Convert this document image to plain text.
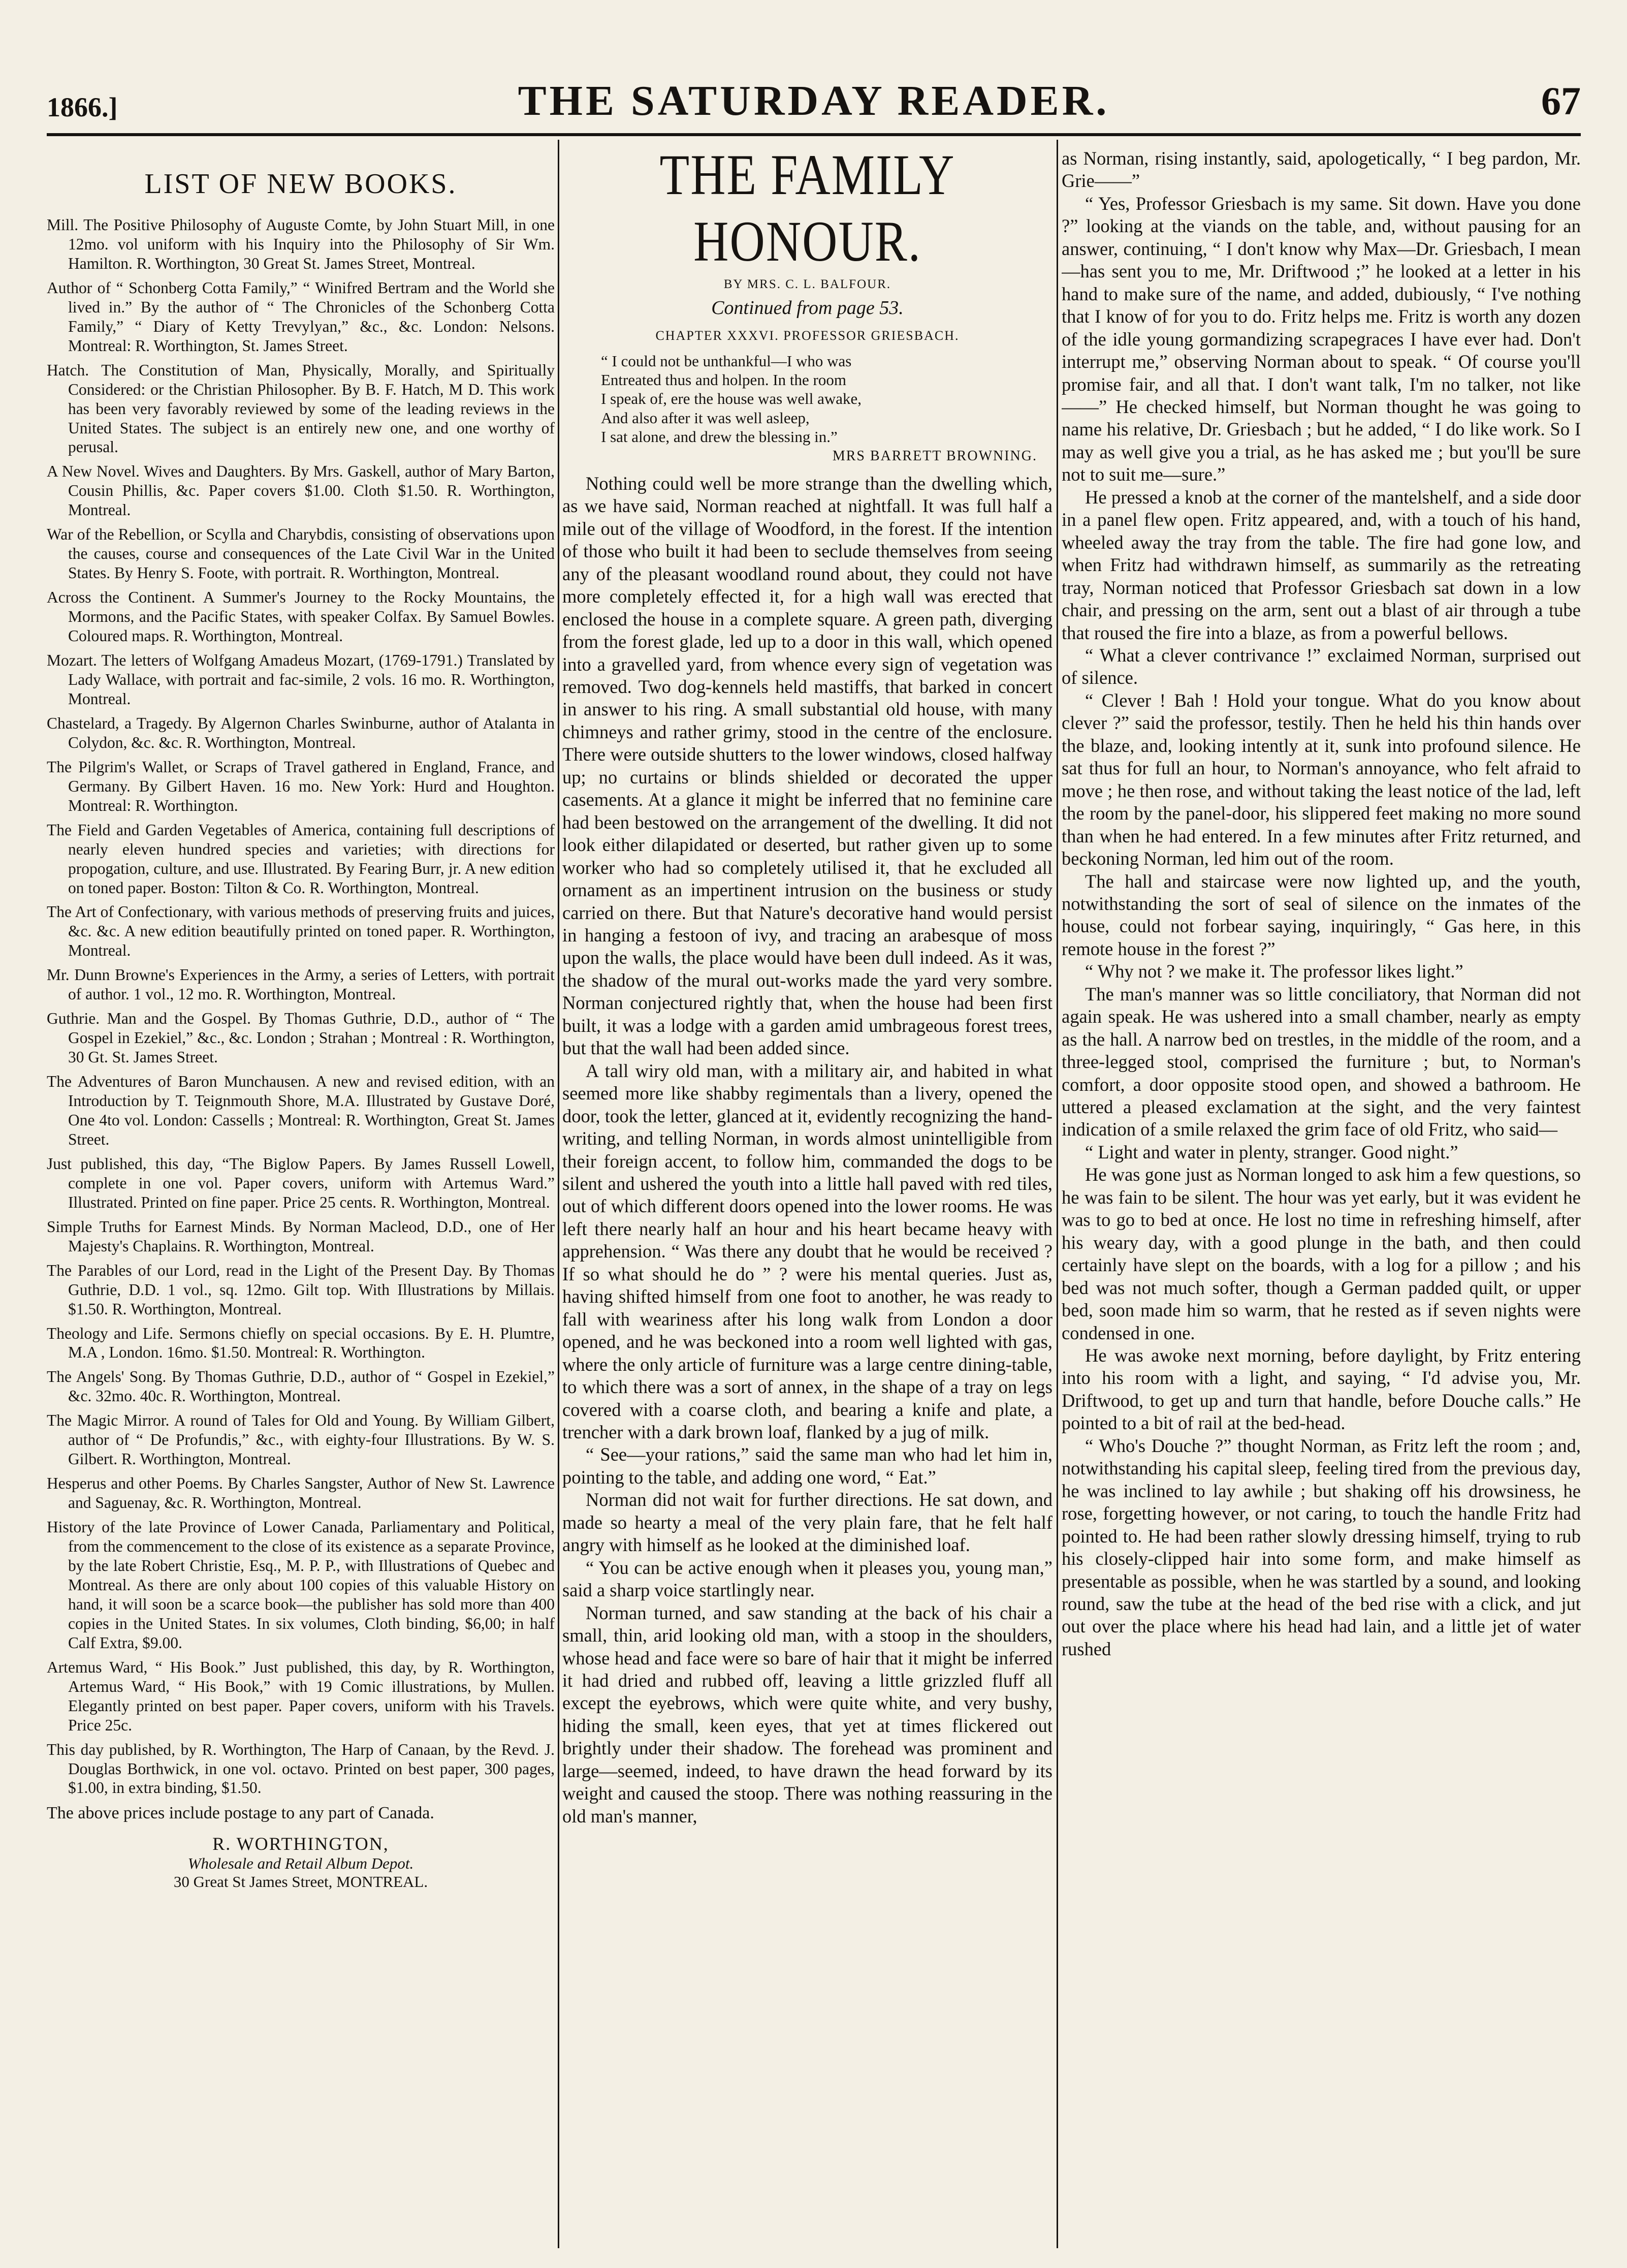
1866.]	THE SATURDAY READER.	67
LIST OF NEW BOOKS.

Mill. The Positive Philosophy of Auguste Comte, by John Stuart Mill, in one 12mo. vol uniform with his Inquiry into the Philosophy of Sir Wm. Hamilton. R. Worthington, 30 Great St. James Street, Montreal.

Author of “ Schonberg Cotta Family,” “ Winifred Bertram and the World she lived in.” By the author of “ The Chronicles of the Schonberg Cotta Family,” “ Diary of Ketty Trevylyan,” &c., &c. London: Nelsons. Montreal: R. Worthington, St. James Street.

Hatch. The Constitution of Man, Physically, Morally, and Spiritually Considered: or the Christian Philosopher. By B. F. Hatch, M D. This work has been very favorably reviewed by some of the leading reviews in the United States. The subject is an entirely new one, and one worthy of perusal.

A New Novel. Wives and Daughters. By Mrs. Gaskell, author of Mary Barton, Cousin Phillis, &c. Paper covers $1.00. Cloth $1.50. R. Worthington, Montreal.

War of the Rebellion, or Scylla and Charybdis, consisting of observations upon the causes, course and consequences of the Late Civil War in the United States. By Henry S. Foote, with portrait. R. Worthington, Montreal.

Across the Continent. A Summer's Journey to the Rocky Mountains, the Mormons, and the Pacific States, with speaker Colfax. By Samuel Bowles. Coloured maps. R. Worthington, Montreal.

Mozart. The letters of Wolfgang Amadeus Mozart, (1769-1791.) Translated by Lady Wallace, with portrait and fac-simile, 2 vols. 16 mo. R. Worthington, Montreal.

Chastelard, a Tragedy. By Algernon Charles Swinburne, author of Atalanta in Colydon, &c. &c. R. Worthington, Montreal.

The Pilgrim's Wallet, or Scraps of Travel gathered in England, France, and Germany. By Gilbert Haven. 16 mo. New York: Hurd and Houghton. Montreal: R. Worthington.

The Field and Garden Vegetables of America, containing full descriptions of nearly eleven hundred species and varieties; with directions for propogation, culture, and use. Illustrated. By Fearing Burr, jr. A new edition on toned paper. Boston: Tilton & Co. R. Worthington, Montreal.

The Art of Confectionary, with various methods of preserving fruits and juices, &c. &c. A new edition beautifully printed on toned paper. R. Worthington, Montreal.

Mr. Dunn Browne's Experiences in the Army, a series of Letters, with portrait of author. 1 vol., 12 mo. R. Worthington, Montreal.

Guthrie. Man and the Gospel. By Thomas Guthrie, D.D., author of “ The Gospel in Ezekiel,” &c., &c. London ; Strahan ; Montreal : R. Worthington, 30 Gt. St. James Street.

The Adventures of Baron Munchausen. A new and revised edition, with an Introduction by T. Teignmouth Shore, M.A. Illustrated by Gustave Doré, One 4to vol. London: Cassells ; Montreal: R. Worthington, Great St. James Street.

Just published, this day, “The Biglow Papers. By James Russell Lowell, complete in one vol. Paper covers, uniform with Artemus Ward.” Illustrated. Printed on fine paper. Price 25 cents. R. Worthington, Montreal.

Simple Truths for Earnest Minds. By Norman Macleod, D.D., one of Her Majesty's Chaplains. R. Worthington, Montreal.

The Parables of our Lord, read in the Light of the Present Day. By Thomas Guthrie, D.D. 1 vol., sq. 12mo. Gilt top. With Illustrations by Millais. $1.50. R. Worthington, Montreal.

Theology and Life. Sermons chiefly on special occasions. By E. H. Plumtre, M.A , London. 16mo. $1.50. Montreal: R. Worthington.

The Angels' Song. By Thomas Guthrie, D.D., author of “ Gospel in Ezekiel,” &c. 32mo. 40c. R. Worthington, Montreal.

The Magic Mirror. A round of Tales for Old and Young. By William Gilbert, author of “ De Profundis,” &c., with eighty-four Illustrations. By W. S. Gilbert. R. Worthington, Montreal.

Hesperus and other Poems. By Charles Sangster, Author of New St. Lawrence and Saguenay, &c. R. Worthington, Montreal.

History of the late Province of Lower Canada, Parliamentary and Political, from the commencement to the close of its existence as a separate Province, by the late Robert Christie, Esq., M. P. P., with Illustrations of Quebec and Montreal. As there are only about 100 copies of this valuable History on hand, it will soon be a scarce book—the publisher has sold more than 400 copies in the United States. In six volumes, Cloth binding, $6,00; in half Calf Extra, $9.00.

Artemus Ward, “ His Book.” Just published, this day, by R. Worthington, Artemus Ward, “ His Book,” with 19 Comic illustrations, by Mullen. Elegantly printed on best paper. Paper covers, uniform with his Travels. Price 25c.

This day published, by R. Worthington, The Harp of Canaan, by the Revd. J. Douglas Borthwick, in one vol. octavo. Printed on best paper, 300 pages, $1.00, in extra binding, $1.50.

The above prices include postage to any part of Canada.

R. WORTHINGTON,

Wholesale and Retail Album Depot.

30 Great St James Street, MONTREAL.

THE FAMILY HONOUR.
BY MRS. C. L. BALFOUR.
Continued from page 53.
CHAPTER XXXVI. PROFESSOR GRIESBACH.

“ I could not be unthankful—I who was

Entreated thus and holpen. In the room

I speak of, ere the house was well awake,

And also after it was well asleep,

I sat alone, and drew the blessing in.”

MRS BARRETT BROWNING.

Nothing could well be more strange than the dwelling which, as we have said, Norman reached at nightfall. It was full half a mile out of the village of Woodford, in the forest. If the intention of those who built it had been to seclude themselves from seeing any of the pleasant woodland round about, they could not have more completely effected it, for a high wall was erected that enclosed the house in a complete square. A green path, diverging from the forest glade, led up to a door in this wall, which opened into a gravelled yard, from whence every sign of vegetation was removed. Two dog-kennels held mastiffs, that barked in concert in answer to his ring. A small substantial old house, with many chimneys and rather grimy, stood in the centre of the enclosure. There were outside shutters to the lower windows, closed halfway up; no curtains or blinds shielded or decorated the upper casements. At a glance it might be inferred that no feminine care had been bestowed on the arrangement of the dwelling. It did not look either dilapidated or deserted, but rather given up to some worker who had so completely utilised it, that he excluded all ornament as an impertinent intrusion on the business or study carried on there. But that Nature's decorative hand would persist in hanging a festoon of ivy, and tracing an arabesque of moss upon the walls, the place would have been dull indeed. As it was, the shadow of the mural out-works made the yard very sombre. Norman conjectured rightly that, when the house had been first built, it was a lodge with a garden amid umbrageous forest trees, but that the wall had been added since.

A tall wiry old man, with a military air, and habited in what seemed more like shabby regimentals than a livery, opened the door, took the letter, glanced at it, evidently recognizing the hand-writing, and telling Norman, in words almost unintelligible from their foreign accent, to follow him, commanded the dogs to be silent and ushered the youth into a little hall paved with red tiles, out of which different doors opened into the lower rooms. He was left there nearly half an hour and his heart became heavy with apprehension. “ Was there any doubt that he would be received ? If so what should he do ” ? were his mental queries. Just as, having shifted himself from one foot to another, he was ready to fall with weariness after his long walk from London a door opened, and he was beckoned into a room well lighted with gas, where the only article of furniture was a large centre dining-table, to which there was a sort of annex, in the shape of a tray on legs covered with a coarse cloth, and bearing a knife and plate, a trencher with a dark brown loaf, flanked by a jug of milk.

“ See—your rations,” said the same man who had let him in, pointing to the table, and adding one word, “ Eat.”

Norman did not wait for further directions. He sat down, and made so hearty a meal of the very plain fare, that he felt half angry with himself as he looked at the diminished loaf.

“ You can be active enough when it pleases you, young man,” said a sharp voice startlingly near.

Norman turned, and saw standing at the back of his chair a small, thin, arid looking old man, with a stoop in the shoulders, whose head and face were so bare of hair that it might be inferred it had dried and rubbed off, leaving a little grizzled fluff all except the eyebrows, which were quite white, and very bushy, hiding the small, keen eyes, that yet at times flickered out brightly under their shadow. The forehead was prominent and large—seemed, indeed, to have drawn the head forward by its weight and caused the stoop. There was nothing reassuring in the old man's manner,

as Norman, rising instantly, said, apologetically, “ I beg pardon, Mr. Grie——”

“ Yes, Professor Griesbach is my same. Sit down. Have you done ?” looking at the viands on the table, and, without pausing for an answer, continuing, “ I don't know why Max—Dr. Griesbach, I mean—has sent you to me, Mr. Driftwood ;” he looked at a letter in his hand to make sure of the name, and added, dubiously, “ I've nothing that I know of for you to do. Fritz helps me. Fritz is worth any dozen of the idle young gormandizing scrapegraces I have ever had. Don't interrupt me,” observing Norman about to speak. “ Of course you'll promise fair, and all that. I don't want talk, I'm no talker, not like ——” He checked himself, but Norman thought he was going to name his relative, Dr. Griesbach ; but he added, “ I do like work. So I may as well give you a trial, as he has asked me ; but you'll be sure not to suit me—sure.”

He pressed a knob at the corner of the mantelshelf, and a side door in a panel flew open. Fritz appeared, and, with a touch of his hand, wheeled away the tray from the table. The fire had gone low, and when Fritz had withdrawn himself, as summarily as the retreating tray, Norman noticed that Professor Griesbach sat down in a low chair, and pressing on the arm, sent out a blast of air through a tube that roused the fire into a blaze, as from a powerful bellows.

“ What a clever contrivance !” exclaimed Norman, surprised out of silence.

“ Clever ! Bah ! Hold your tongue. What do you know about clever ?” said the professor, testily. Then he held his thin hands over the blaze, and, looking intently at it, sunk into profound silence. He sat thus for full an hour, to Norman's annoyance, who felt afraid to move ; he then rose, and without taking the least notice of the lad, left the room by the panel-door, his slippered feet making no more sound than when he had entered. In a few minutes after Fritz returned, and beckoning Norman, led him out of the room.

The hall and staircase were now lighted up, and the youth, notwithstanding the sort of seal of silence on the inmates of the house, could not forbear saying, inquiringly, “ Gas here, in this remote house in the forest ?”

“ Why not ? we make it. The professor likes light.”

The man's manner was so little conciliatory, that Norman did not again speak. He was ushered into a small chamber, nearly as empty as the hall. A narrow bed on trestles, in the middle of the room, and a three-legged stool, comprised the furniture ; but, to Norman's comfort, a door opposite stood open, and showed a bathroom. He uttered a pleased exclamation at the sight, and the very faintest indication of a smile relaxed the grim face of old Fritz, who said—

“ Light and water in plenty, stranger. Good night.”

He was gone just as Norman longed to ask him a few questions, so he was fain to be silent. The hour was yet early, but it was evident he was to go to bed at once. He lost no time in refreshing himself, after his weary day, with a good plunge in the bath, and then could certainly have slept on the boards, with a log for a pillow ; and his bed was not much softer, though a German padded quilt, or upper bed, soon made him so warm, that he rested as if seven nights were condensed in one.

He was awoke next morning, before daylight, by Fritz entering into his room with a light, and saying, “ I'd advise you, Mr. Driftwood, to get up and turn that handle, before Douche calls.” He pointed to a bit of rail at the bed-head.

“ Who's Douche ?” thought Norman, as Fritz left the room ; and, notwithstanding his capital sleep, feeling tired from the previous day, he was inclined to lay awhile ; but shaking off his drowsiness, he rose, forgetting however, or not caring, to touch the handle Fritz had pointed to. He had been rather slowly dressing himself, trying to rub his closely-clipped hair into some form, and make himself as presentable as possible, when he was startled by a sound, and looking round, saw the tube at the head of the bed rise with a click, and jut out over the place where his head had lain, and a little jet of water rushed
